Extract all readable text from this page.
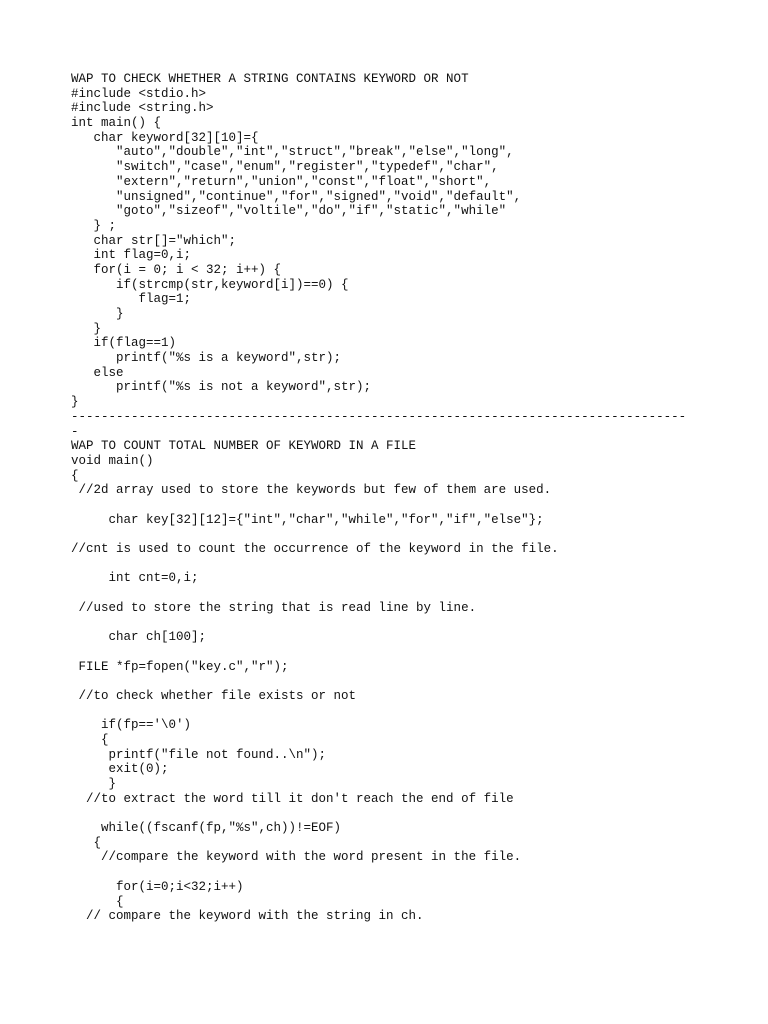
WAP TO CHECK WHETHER A STRING CONTAINS KEYWORD OR NOT
#include <stdio.h>
#include <string.h>
int main() {
char keyword[32][10]={
"auto","double","int","struct","break","else","long",
"switch","case","enum","register","typedef","char",
"extern","return","union","const","float","short",
"unsigned","continue","for","signed","void","default",
"goto","sizeof","voltile","do","if","static","while"
} ;
char str[]="which";
int flag=0,i;
for(i = 0; i < 32; i++) {
if(strcmp(str,keyword[i])==0) {
flag=1;
}
}
if(flag==1)
printf("%s is a keyword",str);
else
printf("%s is not a keyword",str);
}
----------------------------------------------------------------------------------
-
WAP TO COUNT TOTAL NUMBER OF KEYWORD IN A FILE
void main()
{
//2d array used to store the keywords but few of them are used.
char key[32][12]={"int","char","while","for","if","else"};
//cnt is used to count the occurrence of the keyword in the file.
int cnt=0,i;
//used to store the string that is read line by line.
char ch[100];
FILE *fp=fopen("key.c","r");
//to check whether file exists or not
if(fp=='\0')
{
printf("file not found..\n");
exit(0);
}
//to extract the word till it don't reach the end of file
while((fscanf(fp,"%s",ch))!=EOF)
{
//compare the keyword with the word present in the file.
for(i=0;i<32;i++)
{
// compare the keyword with the string in ch.
